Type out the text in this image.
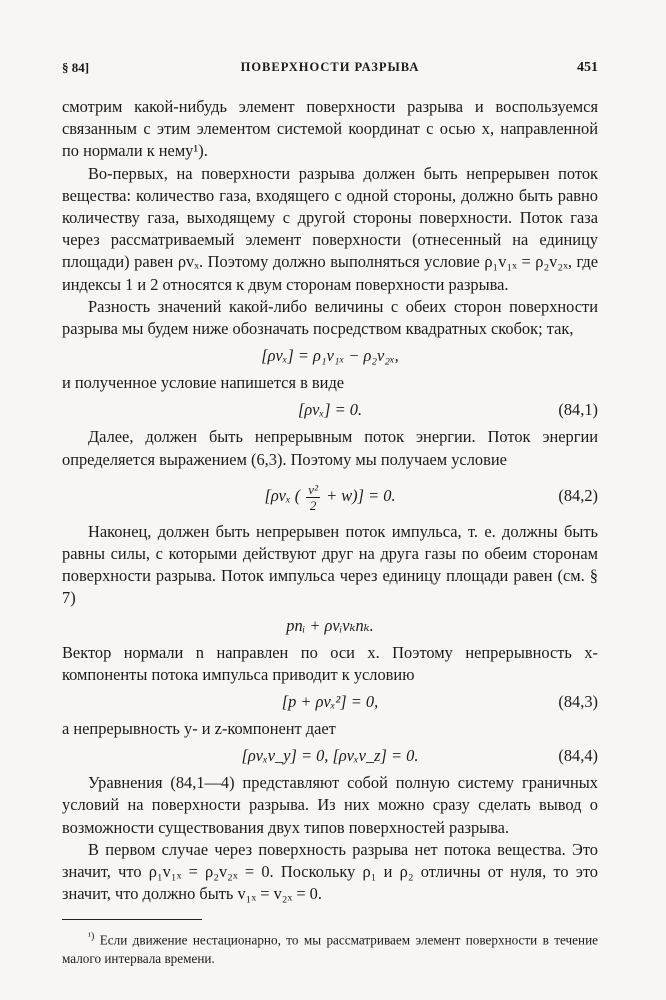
§ 84]	ПОВЕРХНОСТИ РАЗРЫВА	451

смотрим какой-нибудь элемент поверхности разрыва и воспользуемся связанным с этим элементом системой координат с осью x, направленной по нормали к нему¹).

Во-первых, на поверхности разрыва должен быть непрерывен поток вещества: количество газа, входящего с одной стороны, должно быть равно количеству газа, выходящему с другой стороны поверхности. Поток газа через рассматриваемый элемент поверхности (отнесенный на единицу площади) равен ρvₓ. Поэтому должно выполняться условие ρ₁v₁ₓ = ρ₂v₂ₓ, где индексы 1 и 2 относятся к двум сторонам поверхности разрыва.

Разность значений какой-либо величины с обеих сторон поверхности разрыва мы будем ниже обозначать посредством квадратных скобок; так,

[ρvₓ] = ρ₁v₁ₓ − ρ₂v₂ₓ,

и полученное условие напишется в виде

[ρvₓ] = 0.	(84,1)

Далее, должен быть непрерывным поток энергии. Поток энергии определяется выражением (6,3). Поэтому мы получаем условие

[ρvₓ ( $\frac{\text{v²}}{2} + w)] = 0$.	(84,2)

Наконец, должен быть непрерывен поток импульса, т. е. должны быть равны силы, с которыми действуют друг на друга газы по обеим сторонам поверхности разрыва. Поток импульса через единицу площади равен (см. § 7)

pnᵢ + ρvᵢvₖnₖ.

Вектор нормали n направлен по оси x. Поэтому непрерывность x-компоненты потока импульса приводит к условию

[p + ρvₓ²] = 0,	(84,3)

а непрерывность y- и z-компонент дает

[ρvₓv_y] = 0, [ρvₓv_z] = 0.	(84,4)

Уравнения (84,1—4) представляют собой полную систему граничных условий на поверхности разрыва. Из них можно сразу сделать вывод о возможности существования двух типов поверхностей разрыва.

В первом случае через поверхность разрыва нет потока вещества. Это значит, что ρ₁v₁ₓ = ρ₂v₂ₓ = 0. Поскольку ρ₁ и ρ₂ отличны от нуля, то это значит, что должно быть v₁ₓ = v₂ₓ = 0.

$^{^1)}$ Если движение нестационарно, то мы рассматриваем элемент поверхности в течение малого интервала времени.
